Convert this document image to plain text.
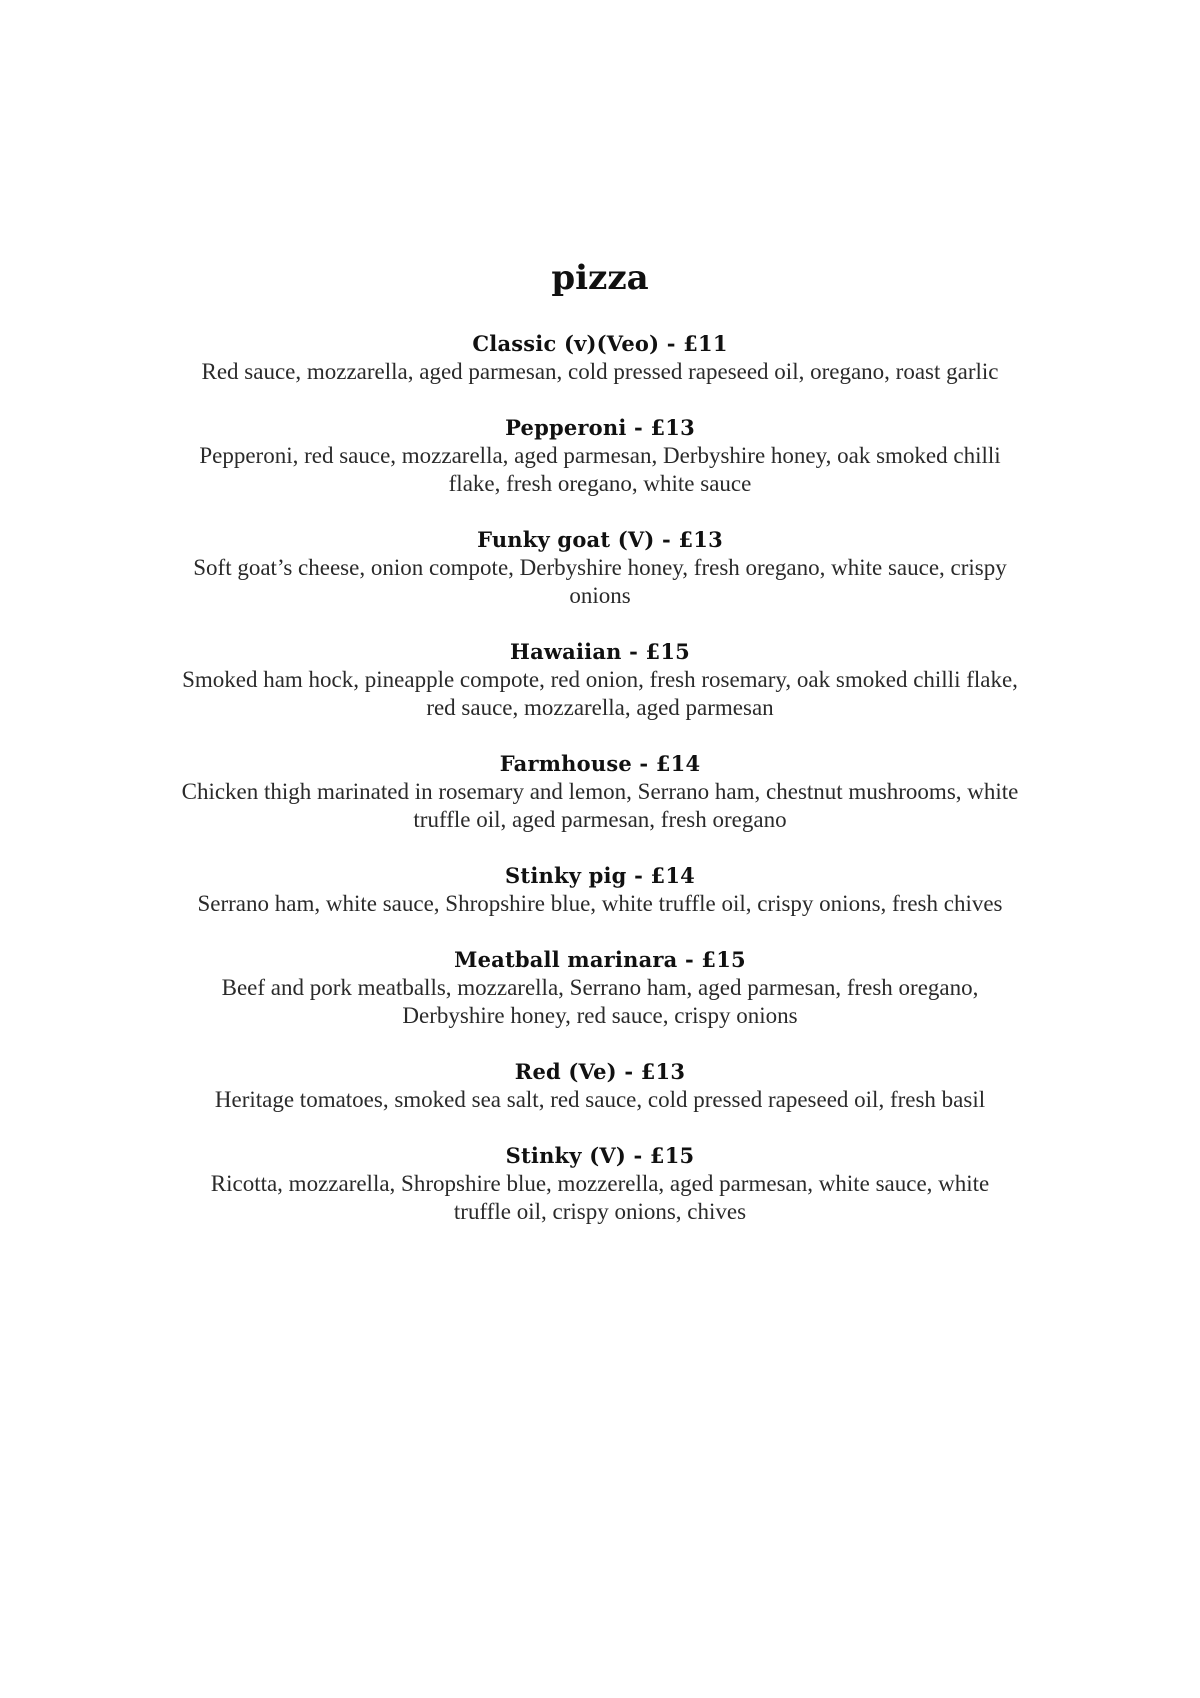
pizza
Classic (v)(Veo) - £11
Red sauce, mozzarella, aged parmesan, cold pressed rapeseed oil, oregano, roast garlic
Pepperoni - £13
Pepperoni, red sauce, mozzarella, aged parmesan, Derbyshire honey, oak smoked chilli flake, fresh oregano, white sauce
Funky goat (V) - £13
Soft goat’s cheese, onion compote, Derbyshire honey, fresh oregano, white sauce, crispy onions
Hawaiian - £15
Smoked ham hock, pineapple compote, red onion, fresh rosemary, oak smoked chilli flake, red sauce, mozzarella, aged parmesan
Farmhouse - £14
Chicken thigh marinated in rosemary and lemon, Serrano ham, chestnut mushrooms, white truffle oil, aged parmesan, fresh oregano
Stinky pig - £14
Serrano ham, white sauce, Shropshire blue, white truffle oil, crispy onions, fresh chives
Meatball marinara - £15
Beef and pork meatballs, mozzarella, Serrano ham, aged parmesan, fresh oregano, Derbyshire honey, red sauce, crispy onions
Red (Ve) - £13
Heritage tomatoes, smoked sea salt, red sauce, cold pressed rapeseed oil, fresh basil
Stinky (V) - £15
Ricotta, mozzarella, Shropshire blue, mozzerella, aged parmesan, white sauce, white truffle oil, crispy onions, chives
